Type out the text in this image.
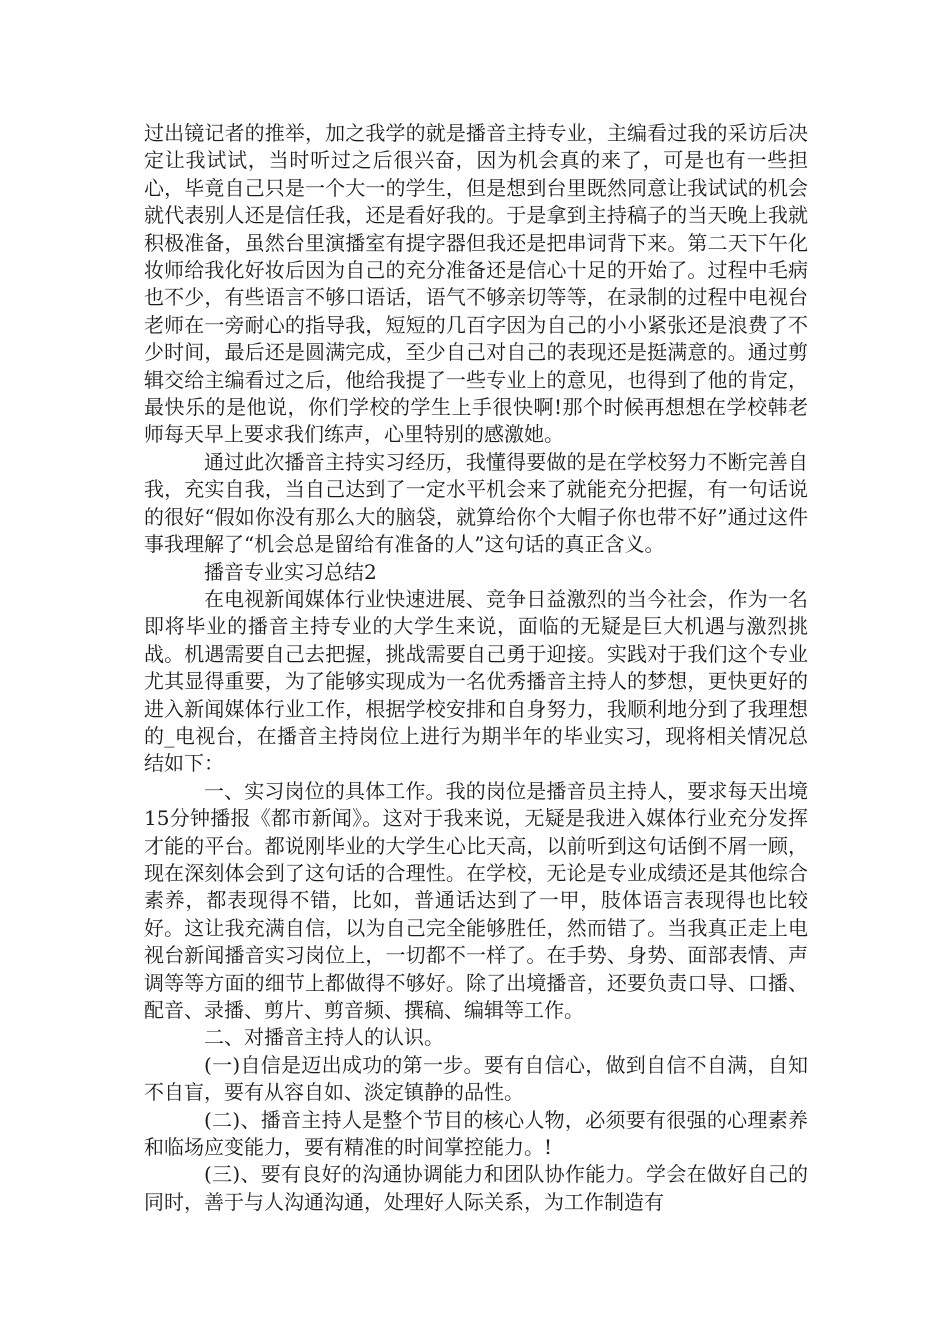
过出镜记者的推举，加之我学的就是播音主持专业，主编看过我的采访后决定让我试试，当时听过之后很兴奋，因为机会真的来了，可是也有一些担心，毕竟自己只是一个大一的学生，但是想到台里既然同意让我试试的机会就代表别人还是信任我，还是看好我的。于是拿到主持稿子的当天晚上我就积极准备，虽然台里演播室有提字器但我还是把串词背下来。第二天下午化妆师给我化好妆后因为自己的充分准备还是信心十足的开始了。过程中毛病也不少，有些语言不够口语话，语气不够亲切等等，在录制的过程中电视台老师在一旁耐心的指导我，短短的几百字因为自己的小小紧张还是浪费了不少时间，最后还是圆满完成，至少自己对自己的表现还是挺满意的。通过剪辑交给主编看过之后，他给我提了一些专业上的意见，也得到了他的肯定，最快乐的是他说，你们学校的学生上手很快啊!那个时候再想想在学校韩老师每天早上要求我们练声，心里特别的感激她。

通过此次播音主持实习经历，我懂得要做的是在学校努力不断完善自我，充实自我，当自己达到了一定水平机会来了就能充分把握，有一句话说的很好“假如你没有那么大的脑袋，就算给你个大帽子你也带不好”通过这件事我理解了“机会总是留给有准备的人”这句话的真正含义。

播音专业实习总结2

在电视新闻媒体行业快速进展、竞争日益激烈的当今社会，作为一名即将毕业的播音主持专业的大学生来说，面临的无疑是巨大机遇与激烈挑战。机遇需要自己去把握，挑战需要自己勇于迎接。实践对于我们这个专业尤其显得重要，为了能够实现成为一名优秀播音主持人的梦想，更快更好的进入新闻媒体行业工作，根据学校安排和自身努力，我顺利地分到了我理想的_电视台，在播音主持岗位上进行为期半年的毕业实习，现将相关情况总结如下：

一、实习岗位的具体工作。我的岗位是播音员主持人，要求每天出境15分钟播报《都市新闻》。这对于我来说，无疑是我进入媒体行业充分发挥才能的平台。都说刚毕业的大学生心比天高，以前听到这句话倒不屑一顾，现在深刻体会到了这句话的合理性。在学校，无论是专业成绩还是其他综合素养，都表现得不错，比如，普通话达到了一甲，肢体语言表现得也比较好。这让我充满自信，以为自己完全能够胜任，然而错了。当我真正走上电视台新闻播音实习岗位上，一切都不一样了。在手势、身势、面部表情、声调等等方面的细节上都做得不够好。除了出境播音，还要负责口导、口播、配音、录播、剪片、剪音频、撰稿、编辑等工作。

二、对播音主持人的认识。

(一)自信是迈出成功的第一步。要有自信心，做到自信不自满，自知不自盲，要有从容自如、淡定镇静的品性。

(二)、播音主持人是整个节目的核心人物，必须要有很强的心理素养和临场应变能力，要有精准的时间掌控能力。!

(三)、要有良好的沟通协调能力和团队协作能力。学会在做好自己的同时，善于与人沟通沟通，处理好人际关系，为工作制造有
